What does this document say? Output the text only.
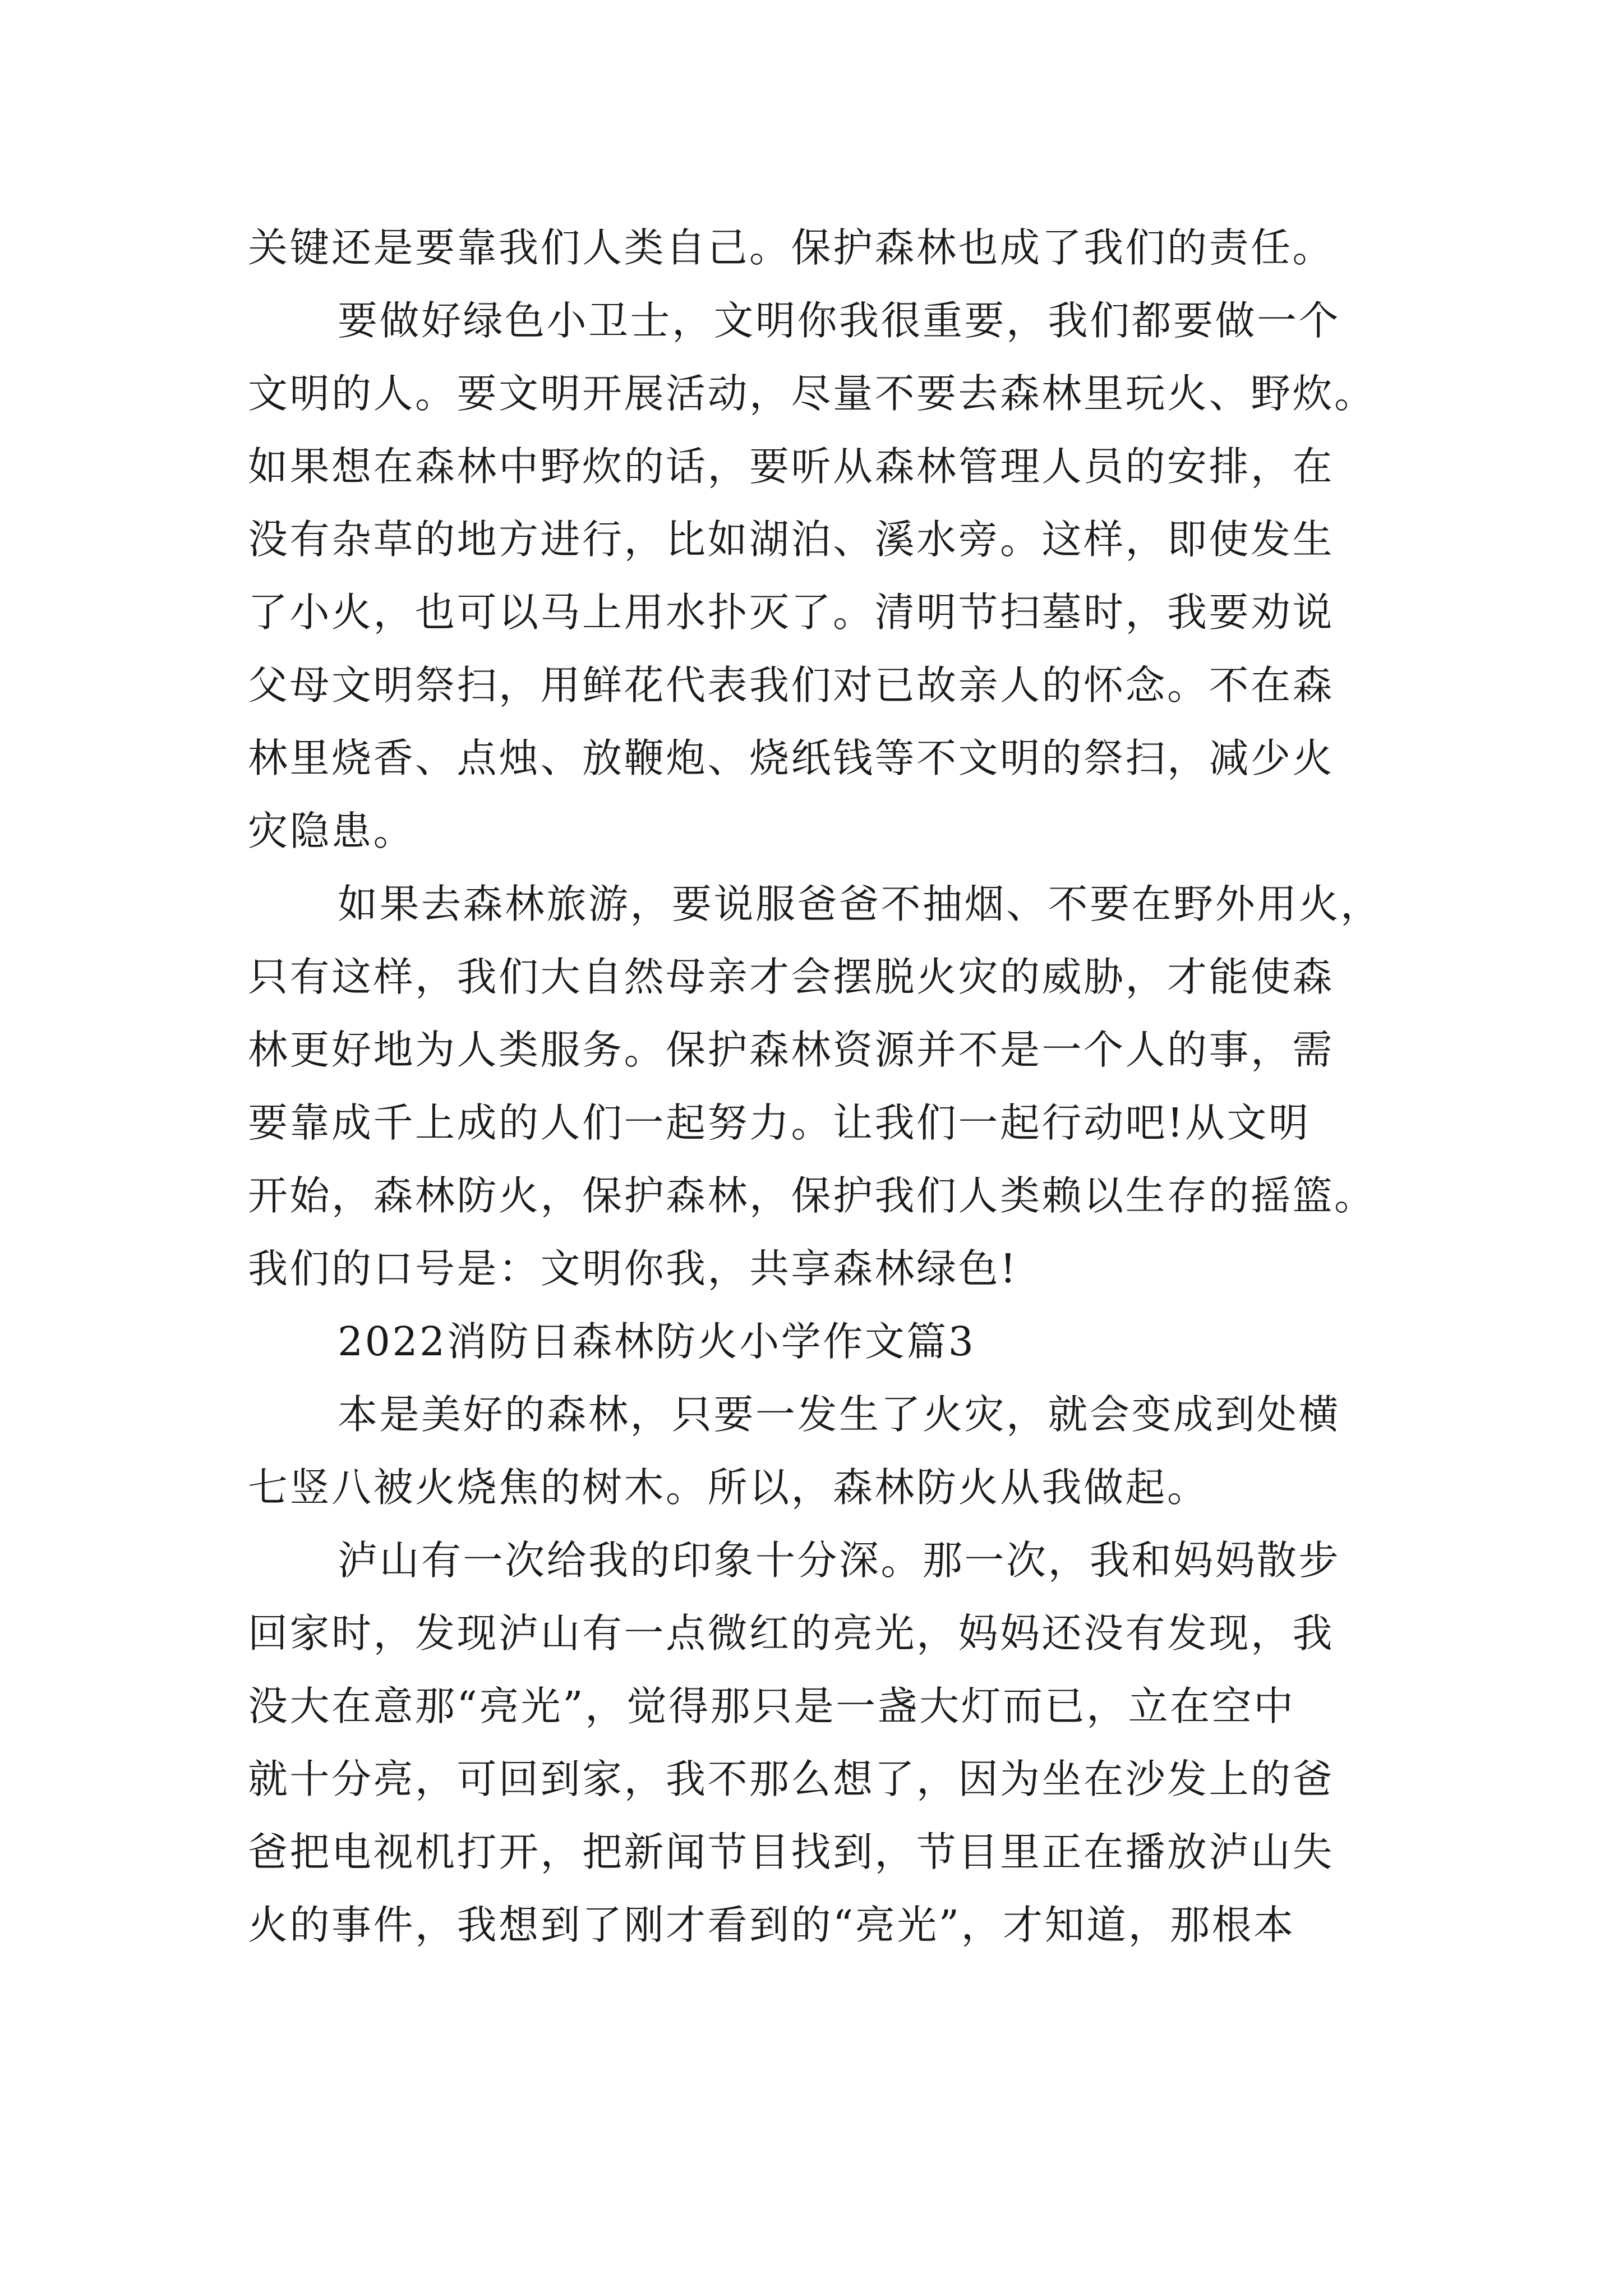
关键还是要靠我们人类自己。保护森林也成了我们的责任。
要做好绿色小卫士，文明你我很重要，我们都要做一个
文明的人。要文明开展活动，尽量不要去森林里玩火、野炊。
如果想在森林中野炊的话，要听从森林管理人员的安排，在
没有杂草的地方进行，比如湖泊、溪水旁。这样，即使发生
了小火，也可以马上用水扑灭了。清明节扫墓时，我要劝说
父母文明祭扫，用鲜花代表我们对已故亲人的怀念。不在森
林里烧香、点烛、放鞭炮、烧纸钱等不文明的祭扫，减少火
灾隐患。
如果去森林旅游，要说服爸爸不抽烟、不要在野外用火，
只有这样，我们大自然母亲才会摆脱火灾的威胁，才能使森
林更好地为人类服务。保护森林资源并不是一个人的事，需
要靠成千上成的人们一起努力。让我们一起行动吧!从文明
开始，森林防火，保护森林，保护我们人类赖以生存的摇篮。
我们的口号是：文明你我，共享森林绿色!
2022消防日森林防火小学作文篇3
本是美好的森林，只要一发生了火灾，就会变成到处横
七竖八被火烧焦的树木。所以，森林防火从我做起。
泸山有一次给我的印象十分深。那一次，我和妈妈散步
回家时，发现泸山有一点微红的亮光，妈妈还没有发现，我
没大在意那“亮光”，觉得那只是一盏大灯而已，立在空中
就十分亮，可回到家，我不那么想了，因为坐在沙发上的爸
爸把电视机打开，把新闻节目找到，节目里正在播放泸山失
火的事件，我想到了刚才看到的“亮光”，才知道，那根本
